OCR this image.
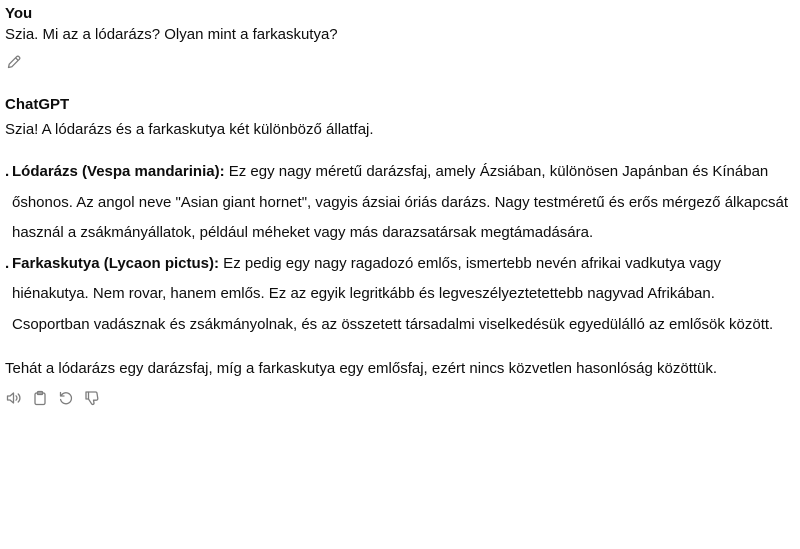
You
Szia. Mi az a lódarázs? Olyan mint a farkaskutya?
ChatGPT
Szia! A lódarázs és a farkaskutya két különböző állatfaj.
. Lódarázs (Vespa mandarinia): Ez egy nagy méretű darázsfaj, amely Ázsiában, különösen Japánban és Kínában őshonos. Az angol neve "Asian giant hornet", vagyis ázsiai óriás darázs. Nagy testméretű és erős mérgező álkapcsát használ a zsákmányállatok, például méheket vagy más darazsatársak megtámadására.
. Farkaskutya (Lycaon pictus): Ez pedig egy nagy ragadozó emlős, ismertebb nevén afrikai vadkutya vagy hiénakutya. Nem rovar, hanem emlős. Ez az egyik legritkább és legveszélyeztetettebb nagyvad Afrikában. Csoportban vadásznak és zsákmányolnak, és az összetett társadalmi viselkedésük egyedülálló az emlősök között.
Tehát a lódarázs egy darázsfaj, míg a farkaskutya egy emlősfaj, ezért nincs közvetlen hasonlóság közöttük.
